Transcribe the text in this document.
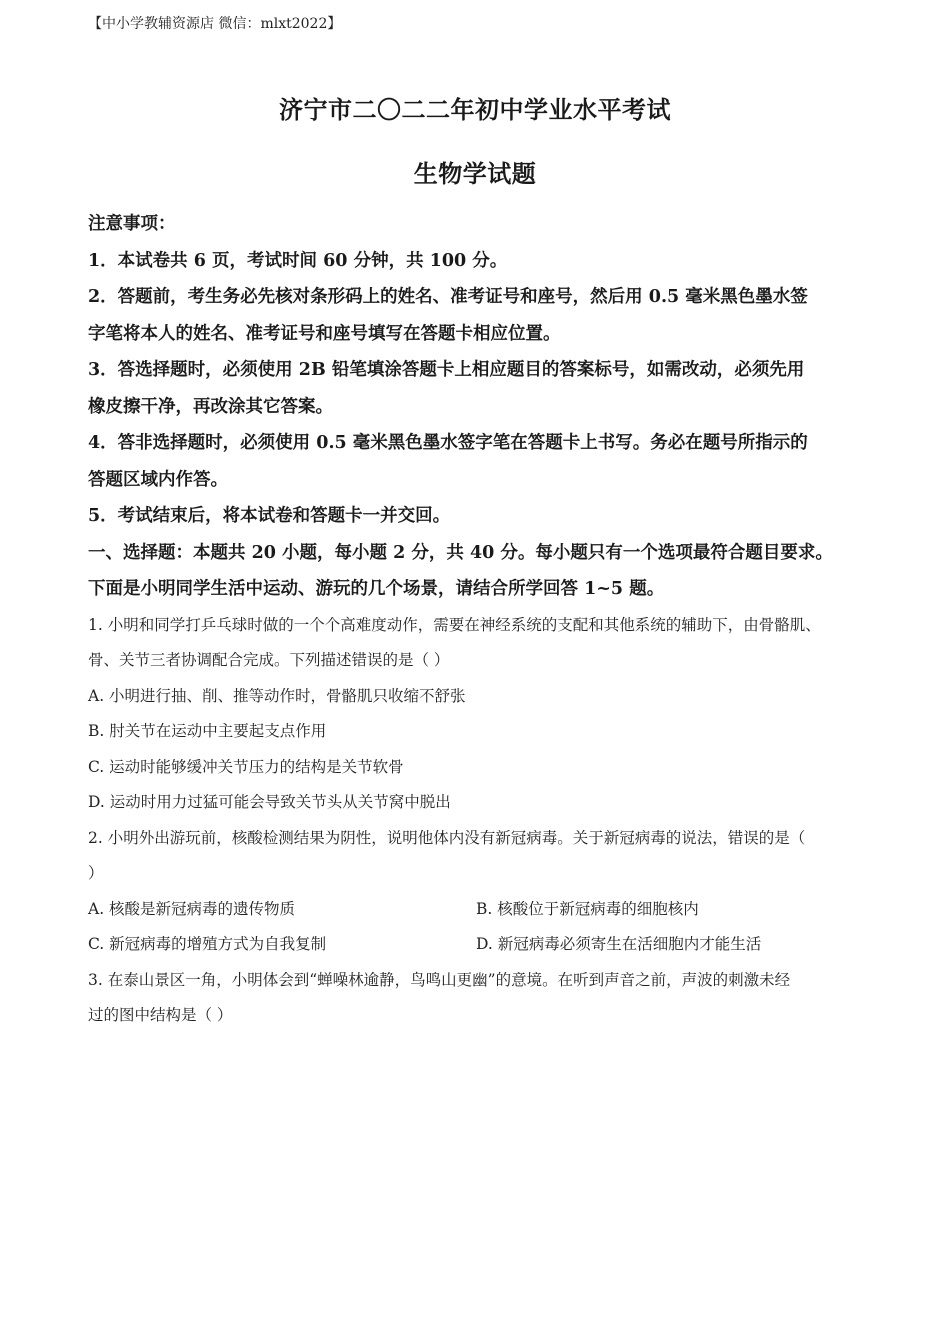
【中小学教辅资源店 微信：mlxt2022】
济宁市二〇二二年初中学业水平考试
生物学试题

注意事项：

1．本试卷共 6 页，考试时间 60 分钟，共 100 分。

2．答题前，考生务必先核对条形码上的姓名、准考证号和座号，然后用 0.5 毫米黑色墨水签

字笔将本人的姓名、准考证号和座号填写在答题卡相应位置。

3．答选择题时，必须使用 2B 铅笔填涂答题卡上相应题目的答案标号，如需改动，必须先用

橡皮擦干净，再改涂其它答案。

4．答非选择题时，必须使用 0.5 毫米黑色墨水签字笔在答题卡上书写。务必在题号所指示的

答题区域内作答。

5．考试结束后，将本试卷和答题卡一并交回。

一、选择题：本题共 20 小题，每小题 2 分，共 40 分。每小题只有一个选项最符合题目要求。

下面是小明同学生活中运动、游玩的几个场景，请结合所学回答 1~5 题。

1. 小明和同学打乒乓球时做的一个个高难度动作，需要在神经系统的支配和其他系统的辅助下，由骨骼肌、

骨、关节三者协调配合完成。下列描述错误的是（ ）

A. 小明进行抽、削、推等动作时，骨骼肌只收缩不舒张

B. 肘关节在运动中主要起支点作用

C. 运动时能够缓冲关节压力的结构是关节软骨

D. 运动时用力过猛可能会导致关节头从关节窝中脱出

2. 小明外出游玩前，核酸检测结果为阴性，说明他体内没有新冠病毒。关于新冠病毒的说法，错误的是（

）

A. 核酸是新冠病毒的遗传物质	B. 核酸位于新冠病毒的细胞核内

C. 新冠病毒的增殖方式为自我复制	D. 新冠病毒必须寄生在活细胞内才能生活

3. 在泰山景区一角，小明体会到“蝉噪林逾静，鸟鸣山更幽”的意境。在听到声音之前，声波的刺激未经

过的图中结构是（ ）
